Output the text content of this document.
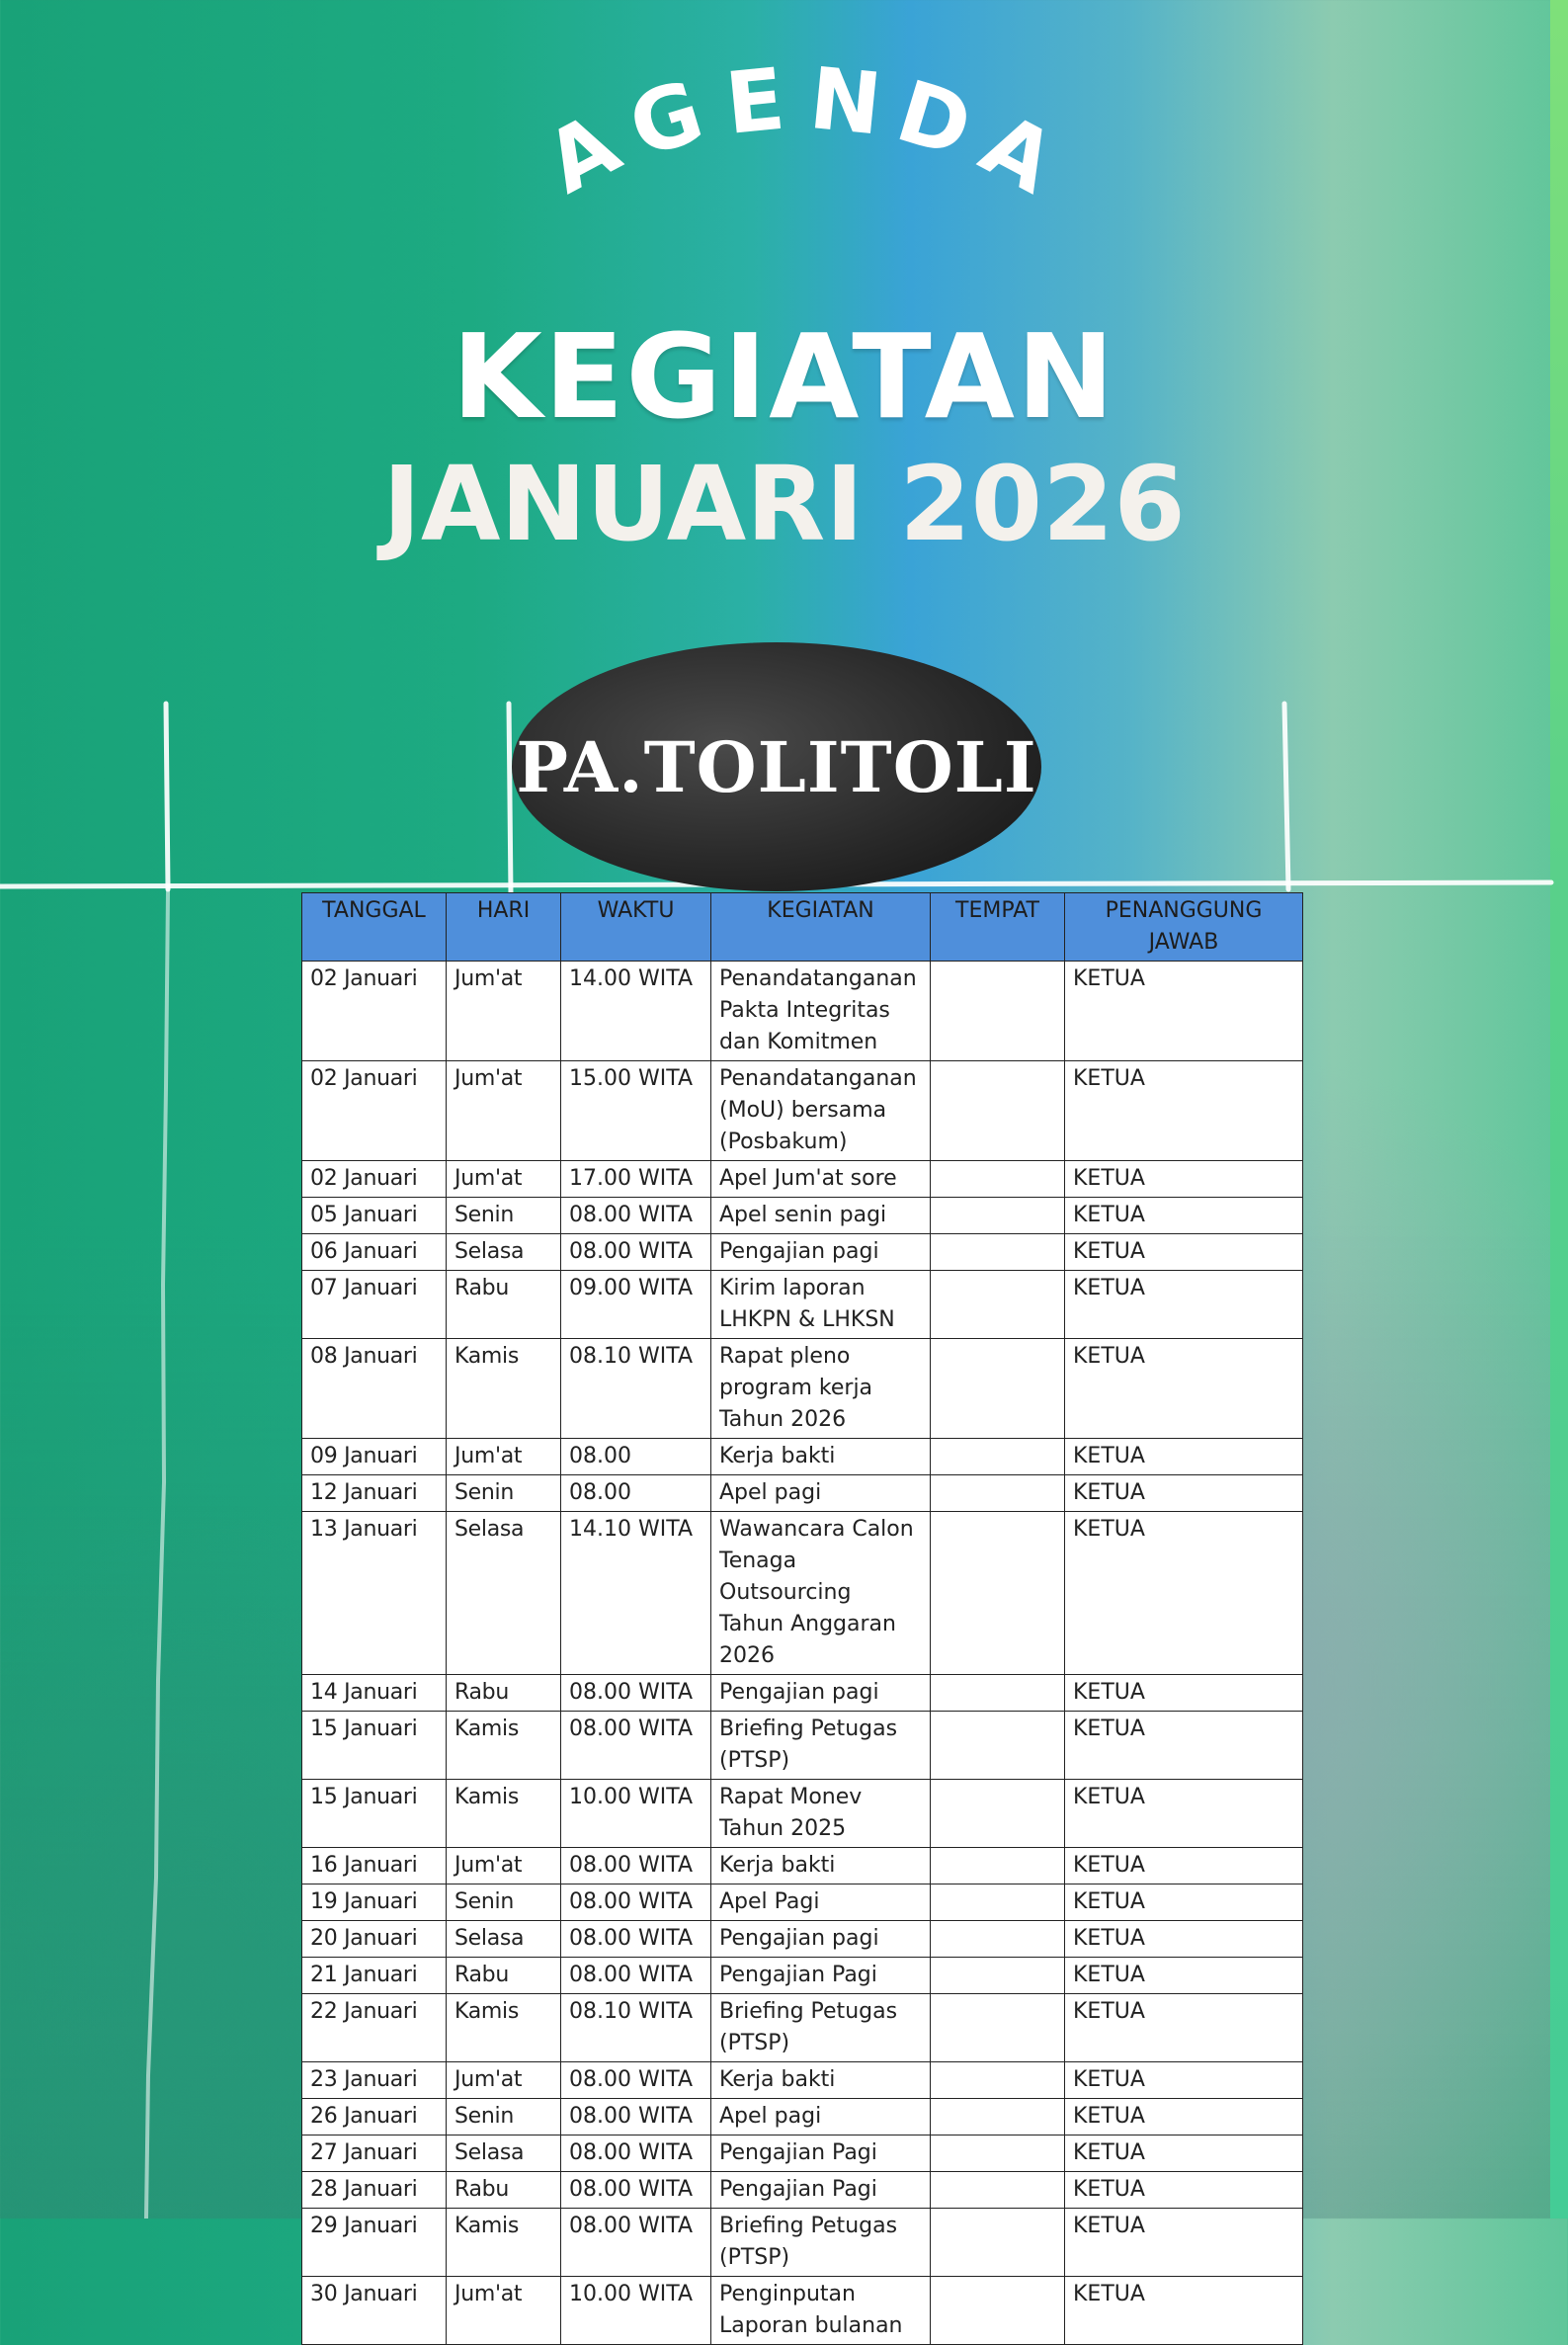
A
G E N D
A
KEGIATAN
JANUARI 2026
PA.TOLITOLI
TANGGAL	HARI	WAKTU	KEGIATAN	TEMPAT	PENANGGUNG JAWAB
02 Januari	Jum'at	14.00 WITA	Penandatanganan Pakta Integritas dan Komitmen		KETUA
02 Januari	Jum'at	15.00 WITA	Penandatanganan (MoU) bersama (Posbakum)		KETUA
02 Januari	Jum'at	17.00 WITA	Apel Jum'at sore		KETUA
05 Januari	Senin	08.00 WITA	Apel senin pagi		KETUA
06 Januari	Selasa	08.00 WITA	Pengajian pagi		KETUA
07 Januari	Rabu	09.00 WITA	Kirim laporan LHKPN & LHKSN		KETUA
08 Januari	Kamis	08.10 WITA	Rapat pleno program kerja Tahun 2026		KETUA
09 Januari	Jum'at	08.00	Kerja bakti		KETUA
12 Januari	Senin	08.00	Apel pagi		KETUA
13 Januari	Selasa	14.10 WITA	Wawancara Calon Tenaga Outsourcing Tahun Anggaran 2026		KETUA
14 Januari	Rabu	08.00 WITA	Pengajian pagi		KETUA
15 Januari	Kamis	08.00 WITA	Briefing Petugas (PTSP)		KETUA
15 Januari	Kamis	10.00 WITA	Rapat Monev Tahun 2025		KETUA
16 Januari	Jum'at	08.00 WITA	Kerja bakti		KETUA
19 Januari	Senin	08.00 WITA	Apel Pagi		KETUA
20 Januari	Selasa	08.00 WITA	Pengajian pagi		KETUA
21 Januari	Rabu	08.00 WITA	Pengajian Pagi		KETUA
22 Januari	Kamis	08.10 WITA	Briefing Petugas (PTSP)		KETUA
23 Januari	Jum'at	08.00 WITA	Kerja bakti		KETUA
26 Januari	Senin	08.00 WITA	Apel pagi		KETUA
27 Januari	Selasa	08.00 WITA	Pengajian Pagi		KETUA
28 Januari	Rabu	08.00 WITA	Pengajian Pagi		KETUA
29 Januari	Kamis	08.00 WITA	Briefing Petugas (PTSP)		KETUA
30 Januari	Jum'at	10.00 WITA	Penginputan Laporan bulanan		KETUA
